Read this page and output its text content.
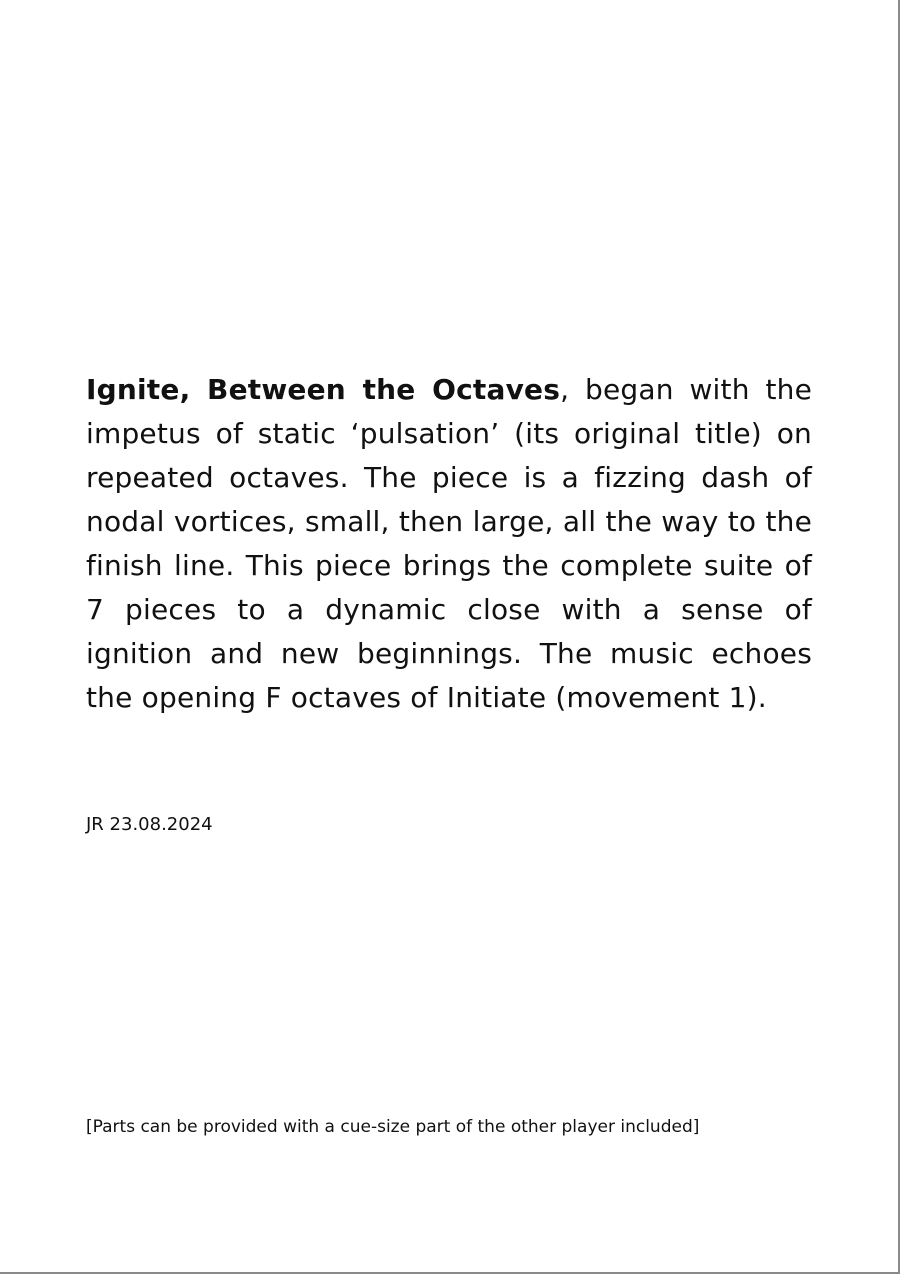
Ignite, Between the Octaves, began with the impetus of static ‘pulsation’ (its original title) on repeated octaves. The piece is a fizzing dash of nodal vortices, small, then large, all the way to the finish line. This piece brings the complete suite of 7 pieces to a dynamic close with a sense of ignition and new beginnings. The music echoes the opening F octaves of Initiate (movement 1).

JR 23.08.2024

[Parts can be provided with a cue-size part of the other player included]
